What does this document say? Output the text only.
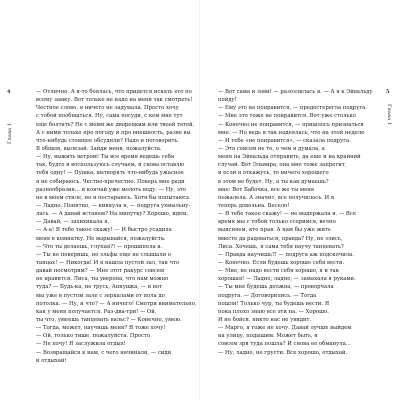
4
Глава 1
— Отлично. А я-то боялась, что придется искать его по
всему замку. Вот только не надо на меня так смотреть!
Честное слово, я ничего не задумала. Просто хочу
с тобой пообщаться. Ну, сама посуди, с кем мне тут
еще болтать? Не с моим же дворецким или твоей тетей.
А с ними только про погоду и про внешность, разве вы
что-нибудь стоящее обсудили? Надо и поговорить.
В общем, вылезай. Зайди меня, пожалуйста.
— Ну, выжить ветром! Ты все время ведешь себя
так, будто я воспользуюсь случаем, и снова оставлю
тебя одну! — Пушка, вытворять что-нибудь ужасное
я не собираюсь. Честно-пречестно. Поверь мне ради
разнообразия... и кончай уже молоть воду. — Ну, это
не в моем стиле, но я постараюсь. Хотя бы попытаюсь.
— Ладно. Понятно, — кивнула я, — подруга ухмыльну-
лась. — А давай встанем? На минутку? Хорошо, идем.
— Давай, — захихикала я.
— А-а! Я тебе такое скажу! — И быстро усадила
меня в комнатку. Не вырывайся, пожалуйста.
— Что ты делаешь, глупая?! — прошипела я.
— Ты не поверишь, но эльфы еще не слышали о
танцах! — Никогда! И я нашла пустой зал, так что
давай посмотрим? — Мне этот ракурс совсем
не нравится. Лиса, ты уверена, что нам можно
туда? — Будь-ка, не трусь, Аннушка, — и вот
мы уже в пустом зале с зеркалами от пола до
потолка. — Ну, и что? — А ничего! Смотри внимательно,
как у меня получается. Раз-два-три! — Ой,
ты что, умеешь танцевать вальс? — Конечно, умею.
— Тогда, может, научишь меня? Я тоже хочу!
— Ой, только тише, пожалуйста. Просто
— Не хочу! Я заслужила отдых!
— Возвращайся к нам, с чего начинали, — сиди
и отдыхай!
5
Глава 1
— Вот сама и зови! — разозлилась я. — А я к Эйвальду
пойду!
— Ему это не понравится, — предостерегла подруга.
— Мне это тоже не понравится. Вот уже столько
— Конечно не понравится, — пришлось признаться
мне. — Но ведь я так надеялась, что на этой неделе
— И тебе «не понравится», — сказала подруга.
— Это совсем не то, о чем я думала, а
меня на Эйвальда отправить, да еще и на крайний
случай. Вот Эльвира, она мне тоже запретит,
и если я откажусь, то ничего хорошего
в этом не будет. Ну, а ты как думаешь?
мне: Вот Бабочка, все же ты меня
пожалела. А значит, все получилось. И я
теперь довольна. Весело!
— Я тебе такое скажу! — не выдержала я. — Все
время мы с тобой только ссоримся, вечно
выясняем, кто прав. А нам бы уже жить
вместе да радоваться, правда? Ну, не злись,
Лиса. Хочешь, я сама тебя научу танцевать?
— Правда научишь?! — подруга аж подскочила.
— Конечно. Если будешь хорошо себя вести.
— Мне, не надо вести себя хорошо, я и так
хорошая! — Ладно, ладно, — замахала я руками.
— Ты мне будешь должна, — проворчала
подруга. — Договорились. — Тогда
пошли! Только чур, ты будешь вести. Я
пока плохо знаю все эти па. — Хорошо.
И не бойся, никто нас не увидит.
— Марго, я тоже не хочу. Давай лучше выйдем
на улицу, подышим. Может быть, я
совсем зря туда пошла? И снова ее обманула...
— Ну, ладно, не грусти. Все хорошо, отдыхай.
